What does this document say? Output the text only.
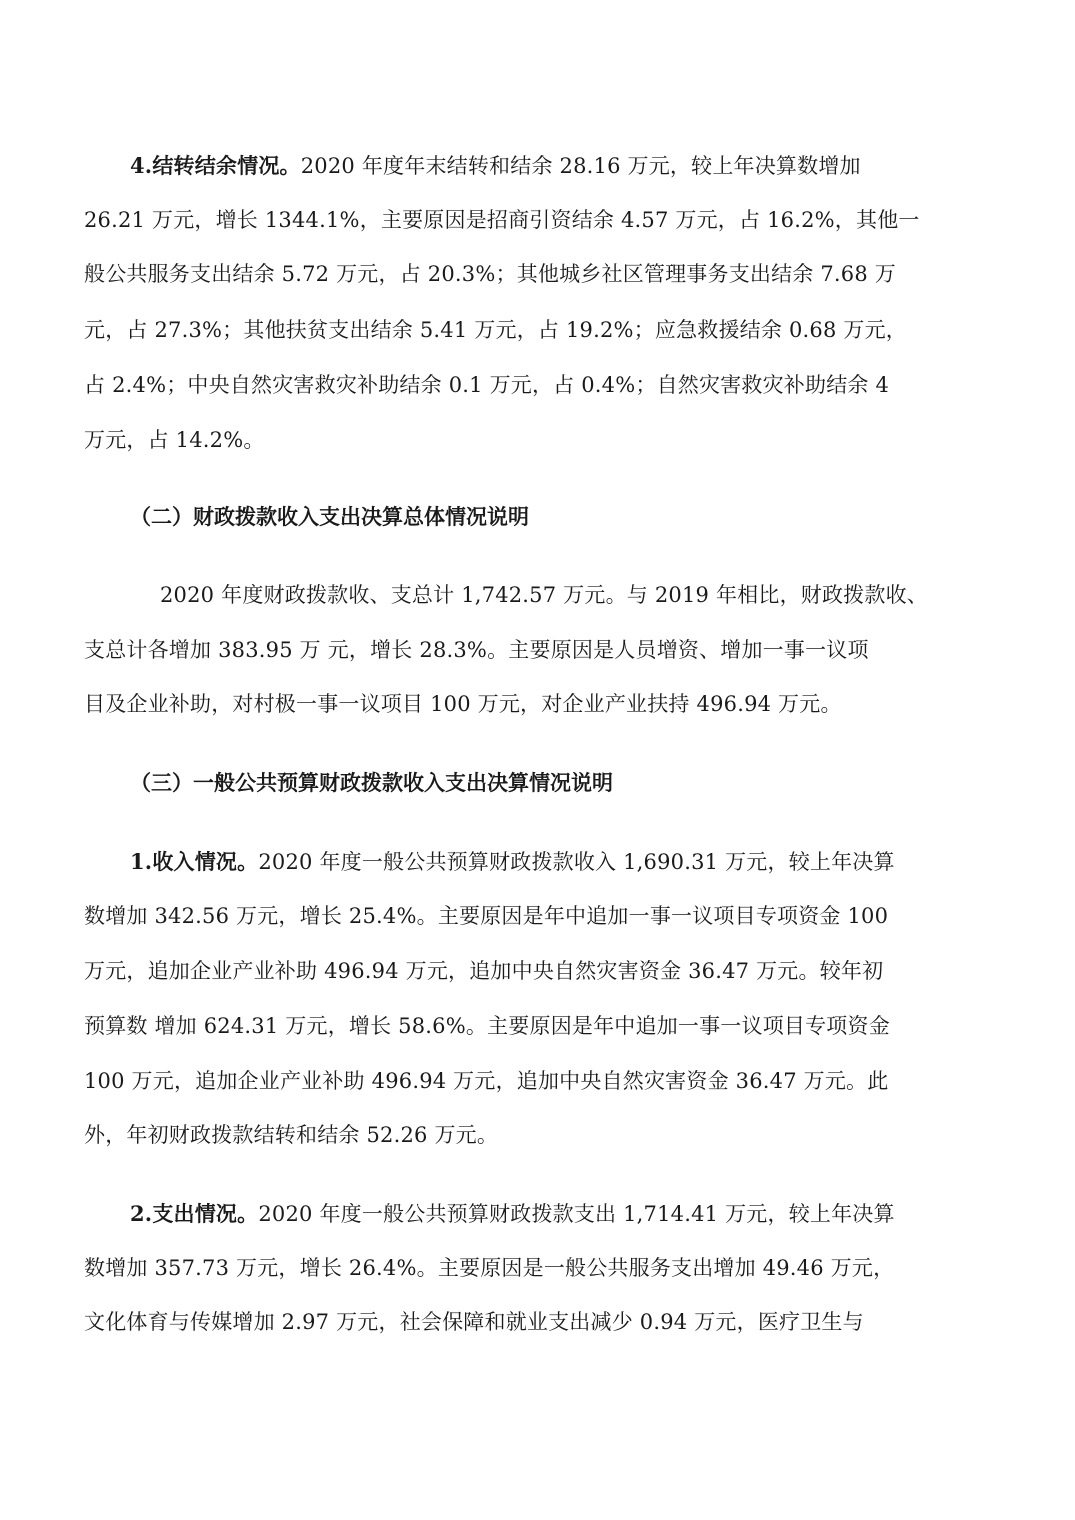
4.结转结余情况。2020 年度年末结转和结余 28.16 万元，较上年决算数增加
26.21 万元，增长 1344.1%，主要原因是招商引资结余 4.57 万元，占 16.2%，其他一
般公共服务支出结余 5.72 万元，占 20.3%；其他城乡社区管理事务支出结余 7.68 万
元，占 27.3%；其他扶贫支出结余 5.41 万元，占 19.2%；应急救援结余 0.68 万元，
占 2.4%；中央自然灾害救灾补助结余 0.1 万元，占 0.4%；自然灾害救灾补助结余 4
万元，占 14.2%。
（二）财政拨款收入支出决算总体情况说明
2020 年度财政拨款收、支总计 1,742.57 万元。与 2019 年相比，财政拨款收、
支总计各增加 383.95 万 元，增长 28.3%。主要原因是人员增资、增加一事一议项
目及企业补助，对村极一事一议项目 100 万元，对企业产业扶持 496.94 万元。
（三）一般公共预算财政拨款收入支出决算情况说明
1.收入情况。2020 年度一般公共预算财政拨款收入 1,690.31 万元，较上年决算
数增加 342.56 万元，增长 25.4%。主要原因是年中追加一事一议项目专项资金 100
万元，追加企业产业补助 496.94 万元，追加中央自然灾害资金 36.47 万元。较年初
预算数 增加 624.31 万元，增长 58.6%。主要原因是年中追加一事一议项目专项资金
100 万元，追加企业产业补助 496.94 万元，追加中央自然灾害资金 36.47 万元。此
外，年初财政拨款结转和结余 52.26 万元。
2.支出情况。2020 年度一般公共预算财政拨款支出 1,714.41 万元，较上年决算
数增加 357.73 万元，增长 26.4%。主要原因是一般公共服务支出增加 49.46 万元，
文化体育与传媒增加 2.97 万元，社会保障和就业支出减少 0.94 万元，医疗卫生与
